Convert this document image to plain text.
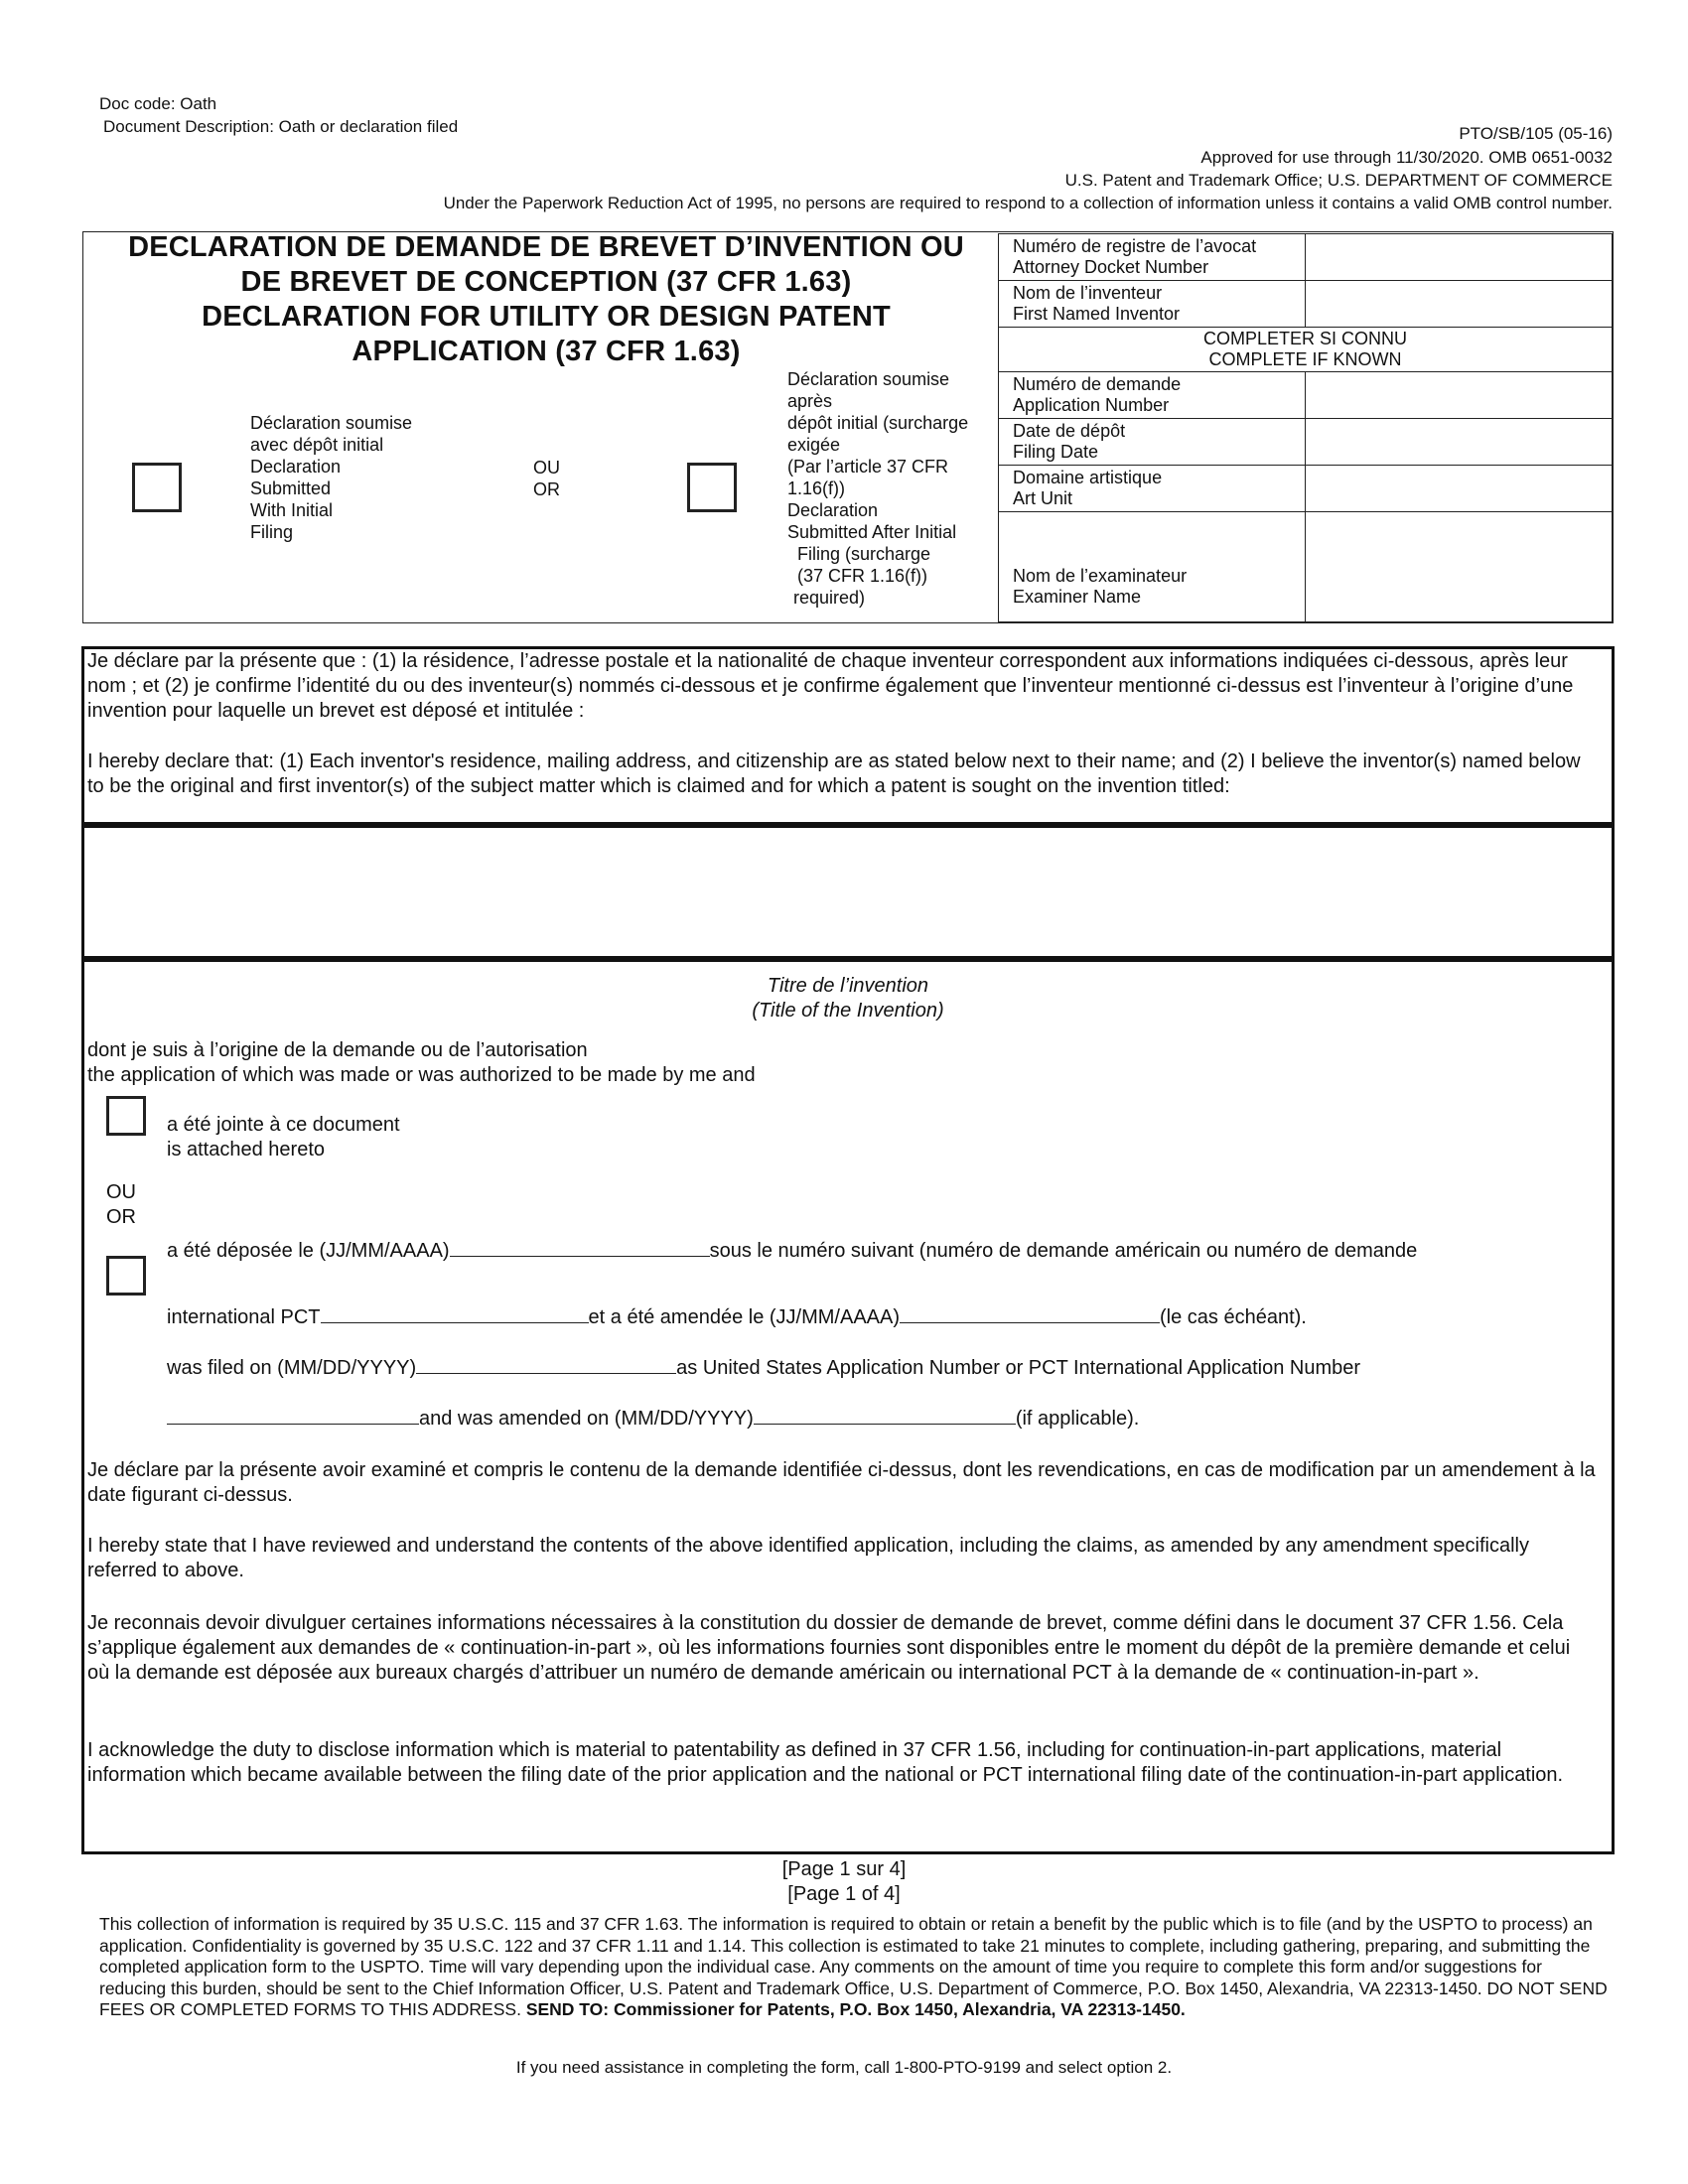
Doc code: Oath
Document Description: Oath or declaration filed	PTO/SB/105 (05-16)
Approved for use through 11/30/2020. OMB 0651-0032
U.S. Patent and Trademark Office; U.S. DEPARTMENT OF COMMERCE
Under the Paperwork Reduction Act of 1995, no persons are required to respond to a collection of information unless it contains a valid OMB control number.
DECLARATION DE DEMANDE DE BREVET D’INVENTION OU
DE BREVET DE CONCEPTION (37 CFR 1.63)
DECLARATION FOR UTILITY OR DESIGN PATENT
APPLICATION (37 CFR 1.63)
Déclaration soumise
avec dépôt initial
Declaration
Submitted
With Initial
Filing
OU
OR
Déclaration soumise
après
dépôt initial (surcharge
exigée
(Par l’article 37 CFR
1.16(f))
Declaration
Submitted After Initial
Filing (surcharge
(37 CFR 1.16(f))
required)
Numéro de registre de l’avocat
Attorney Docket Number	

Nom de l’inventeur
First Named Inventor	

COMPLETER SI CONNU
COMPLETE IF KNOWN	

Numéro de demande
Application Number	

Date de dépôt
Filing Date	

Domaine artistique
Art Unit	

Nom de l’examinateur
Examiner Name	

Je déclare par la présente que : (1) la résidence, l’adresse postale et la nationalité de chaque inventeur correspondent aux informations indiquées ci-dessous, après leur nom ; et (2) je confirme l’identité du ou des inventeur(s) nommés ci-dessous et je confirme également que l’inventeur mentionné ci-dessus est l’inventeur à l’origine d’une invention pour laquelle un brevet est déposé et intitulée :
I hereby declare that: (1) Each inventor's residence, mailing address, and citizenship are as stated below next to their name; and (2) I believe the inventor(s) named below to be the original and first inventor(s) of the subject matter which is claimed and for which a patent is sought on the invention titled:
Titre de l’invention
(Title of the Invention)
dont je suis à l’origine de la demande ou de l’autorisation
the application of which was made or was authorized to be made by me and
a été jointe à ce document
is attached hereto
OU
OR
a été déposée le (JJ/MM/AAAA)	sous le numéro suivant (numéro de demande américain ou numéro de demande
international PCT	et a été amendée le (JJ/MM/AAAA)	(le cas échéant).
was filed on (MM/DD/YYYY)	as United States Application Number or PCT International Application Number
and was amended on (MM/DD/YYYY)	(if applicable).
Je déclare par la présente avoir examiné et compris le contenu de la demande identifiée ci-dessus, dont les revendications, en cas de modification par un amendement à la date figurant ci-dessus.
I hereby state that I have reviewed and understand the contents of the above identified application, including the claims, as amended by any amendment specifically referred to above.
Je reconnais devoir divulguer certaines informations nécessaires à la constitution du dossier de demande de brevet, comme défini dans le document 37 CFR 1.56. Cela s’applique également aux demandes de « continuation-in-part », où les informations fournies sont disponibles entre le moment du dépôt de la première demande et celui où la demande est déposée aux bureaux chargés d’attribuer un numéro de demande américain ou international PCT à la demande de « continuation-in-part ».
I acknowledge the duty to disclose information which is material to patentability as defined in 37 CFR 1.56, including for continuation-in-part applications, material information which became available between the filing date of the prior application and the national or PCT international filing date of the continuation-in-part application.
[Page 1 sur 4]
[Page 1 of 4]
This collection of information is required by 35 U.S.C. 115 and 37 CFR 1.63. The information is required to obtain or retain a benefit by the public which is to file (and by the USPTO to process) an application. Confidentiality is governed by 35 U.S.C. 122 and 37 CFR 1.11 and 1.14. This collection is estimated to take 21 minutes to complete, including gathering, preparing, and submitting the completed application form to the USPTO. Time will vary depending upon the individual case. Any comments on the amount of time you require to complete this form and/or suggestions for reducing this burden, should be sent to the Chief Information Officer, U.S. Patent and Trademark Office, U.S. Department of Commerce, P.O. Box 1450, Alexandria, VA 22313-1450. DO NOT SEND FEES OR COMPLETED FORMS TO THIS ADDRESS. SEND TO: Commissioner for Patents, P.O. Box 1450, Alexandria, VA 22313-1450.
If you need assistance in completing the form, call 1-800-PTO-9199 and select option 2.
